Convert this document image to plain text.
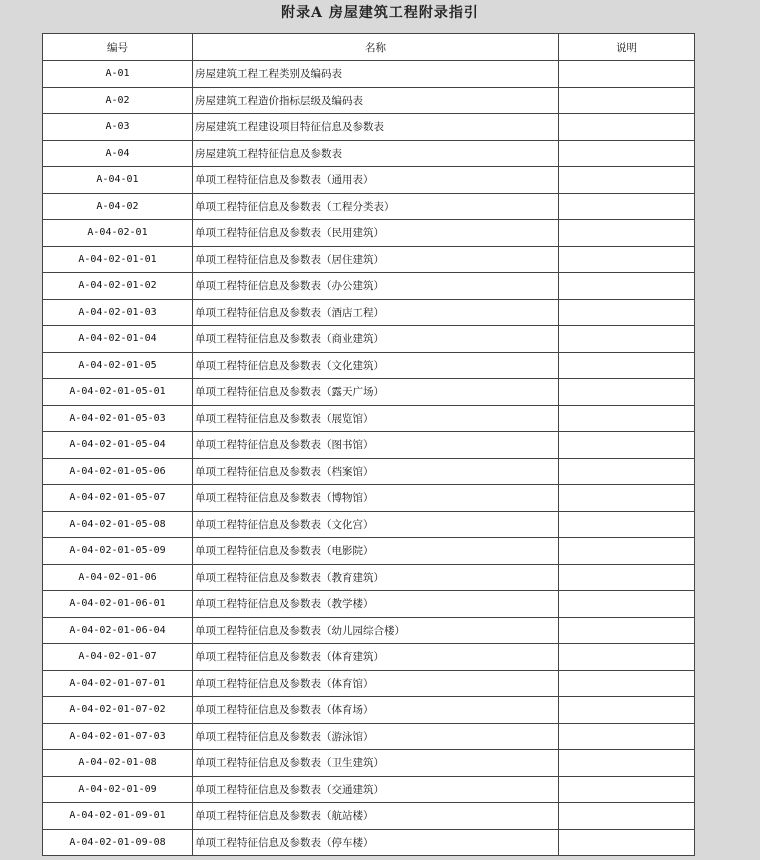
附录A 房屋建筑工程附录指引
编号	名称	说明
A-01	房屋建筑工程工程类别及编码表	
A-02	房屋建筑工程造价指标层级及编码表	
A-03	房屋建筑工程建设项目特征信息及参数表	
A-04	房屋建筑工程特征信息及参数表	
A-04-01	单项工程特征信息及参数表（通用表）	
A-04-02	单项工程特征信息及参数表（工程分类表）	
A-04-02-01	单项工程特征信息及参数表（民用建筑）	
A-04-02-01-01	单项工程特征信息及参数表（居住建筑）	
A-04-02-01-02	单项工程特征信息及参数表（办公建筑）	
A-04-02-01-03	单项工程特征信息及参数表（酒店工程）	
A-04-02-01-04	单项工程特征信息及参数表（商业建筑）	
A-04-02-01-05	单项工程特征信息及参数表（文化建筑）	
A-04-02-01-05-01	单项工程特征信息及参数表（露天广场）	
A-04-02-01-05-03	单项工程特征信息及参数表（展览馆）	
A-04-02-01-05-04	单项工程特征信息及参数表（图书馆）	
A-04-02-01-05-06	单项工程特征信息及参数表（档案馆）	
A-04-02-01-05-07	单项工程特征信息及参数表（博物馆）	
A-04-02-01-05-08	单项工程特征信息及参数表（文化宫）	
A-04-02-01-05-09	单项工程特征信息及参数表（电影院）	
A-04-02-01-06	单项工程特征信息及参数表（教育建筑）	
A-04-02-01-06-01	单项工程特征信息及参数表（教学楼）	
A-04-02-01-06-04	单项工程特征信息及参数表（幼儿园综合楼）	
A-04-02-01-07	单项工程特征信息及参数表（体育建筑）	
A-04-02-01-07-01	单项工程特征信息及参数表（体育馆）	
A-04-02-01-07-02	单项工程特征信息及参数表（体育场）	
A-04-02-01-07-03	单项工程特征信息及参数表（游泳馆）	
A-04-02-01-08	单项工程特征信息及参数表（卫生建筑）	
A-04-02-01-09	单项工程特征信息及参数表（交通建筑）	
A-04-02-01-09-01	单项工程特征信息及参数表（航站楼）	
A-04-02-01-09-08	单项工程特征信息及参数表（停车楼）	
